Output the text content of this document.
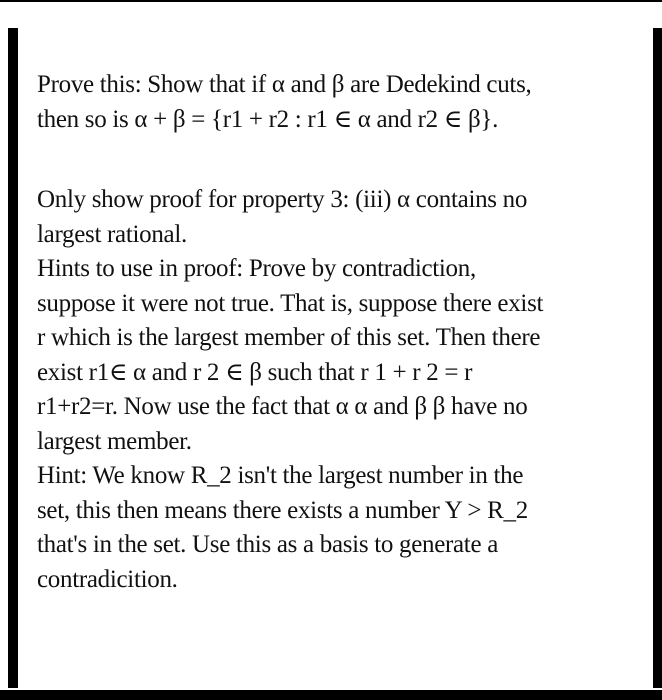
Prove this: Show that if α and β are Dedekind cuts,

then so is α + β = {r1 + r2 : r1 ∈ α and r2 ∈ β}.

Only show proof for property 3: (iii) α contains no

largest rational.

Hints to use in proof: Prove by contradiction,

suppose it were not true. That is, suppose there exist

r which is the largest member of this set. Then there

exist r1∈ α and r 2 ∈ β such that r 1 + r 2 = r

r1+r2=r. Now use the fact that α α and β β have no

largest member.

Hint: We know R_2 isn't the largest number in the

set, this then means there exists a number Y > R_2

that's in the set. Use this as a basis to generate a

contradicition.
